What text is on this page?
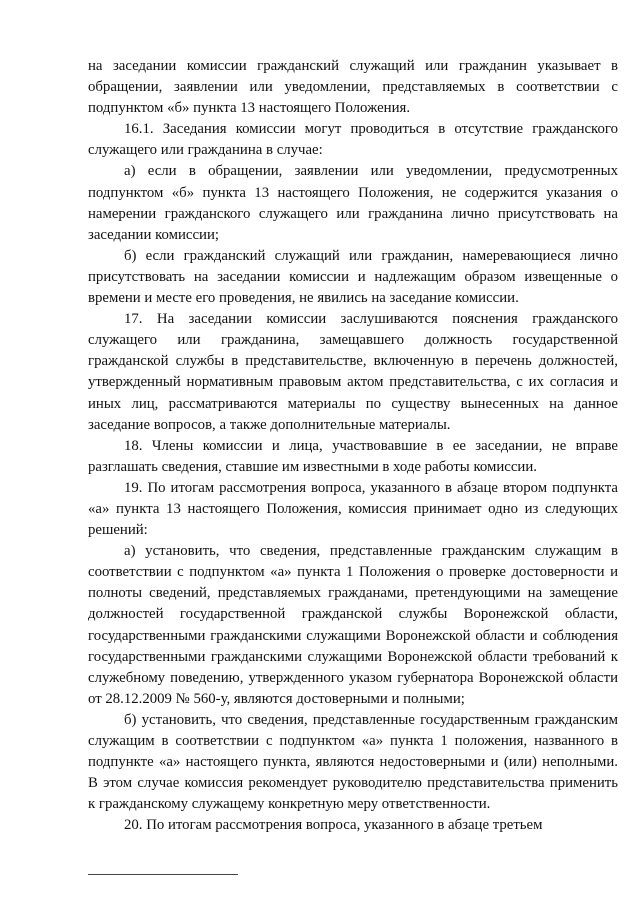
на заседании комиссии гражданский служащий или гражданин указывает в обращении, заявлении или уведомлении, представляемых в соответствии с подпунктом «б» пункта 13 настоящего Положения.

16.1. Заседания комиссии могут проводиться в отсутствие гражданского служащего или гражданина в случае:

а) если в обращении, заявлении или уведомлении, предусмотренных подпунктом «б» пункта 13 настоящего Положения, не содержится указания о намерении гражданского служащего или гражданина лично присутствовать на заседании комиссии;

б) если гражданский служащий или гражданин, намеревающиеся лично присутствовать на заседании комиссии и надлежащим образом извещенные о времени и месте его проведения, не явились на заседание комиссии.

17. На заседании комиссии заслушиваются пояснения гражданского служащего или гражданина, замещавшего должность государственной гражданской службы в представительстве, включенную в перечень должностей, утвержденный нормативным правовым актом представительства, с их согласия и иных лиц, рассматриваются материалы по существу вынесенных на данное заседание вопросов, а также дополнительные материалы.

18. Члены комиссии и лица, участвовавшие в ее заседании, не вправе разглашать сведения, ставшие им известными в ходе работы комиссии.

19. По итогам рассмотрения вопроса, указанного в абзаце втором подпункта «а» пункта 13 настоящего Положения, комиссия принимает одно из следующих решений:

а) установить, что сведения, представленные гражданским служащим в соответствии с подпунктом «а» пункта 1 Положения о проверке достоверности и полноты сведений, представляемых гражданами, претендующими на замещение должностей государственной гражданской службы Воронежской области, государственными гражданскими служащими Воронежской области и соблюдения государственными гражданскими служащими Воронежской области требований к служебному поведению, утвержденного указом губернатора Воронежской области от 28.12.2009 № 560-у, являются достоверными и полными;

б) установить, что сведения, представленные государственным гражданским служащим в соответствии с подпунктом «а» пункта 1 положения, названного в подпункте «а» настоящего пункта, являются недостоверными и (или) неполными. В этом случае комиссия рекомендует руководителю представительства применить к гражданскому служащему конкретную меру ответственности.

20. По итогам рассмотрения вопроса, указанного в абзаце третьем
